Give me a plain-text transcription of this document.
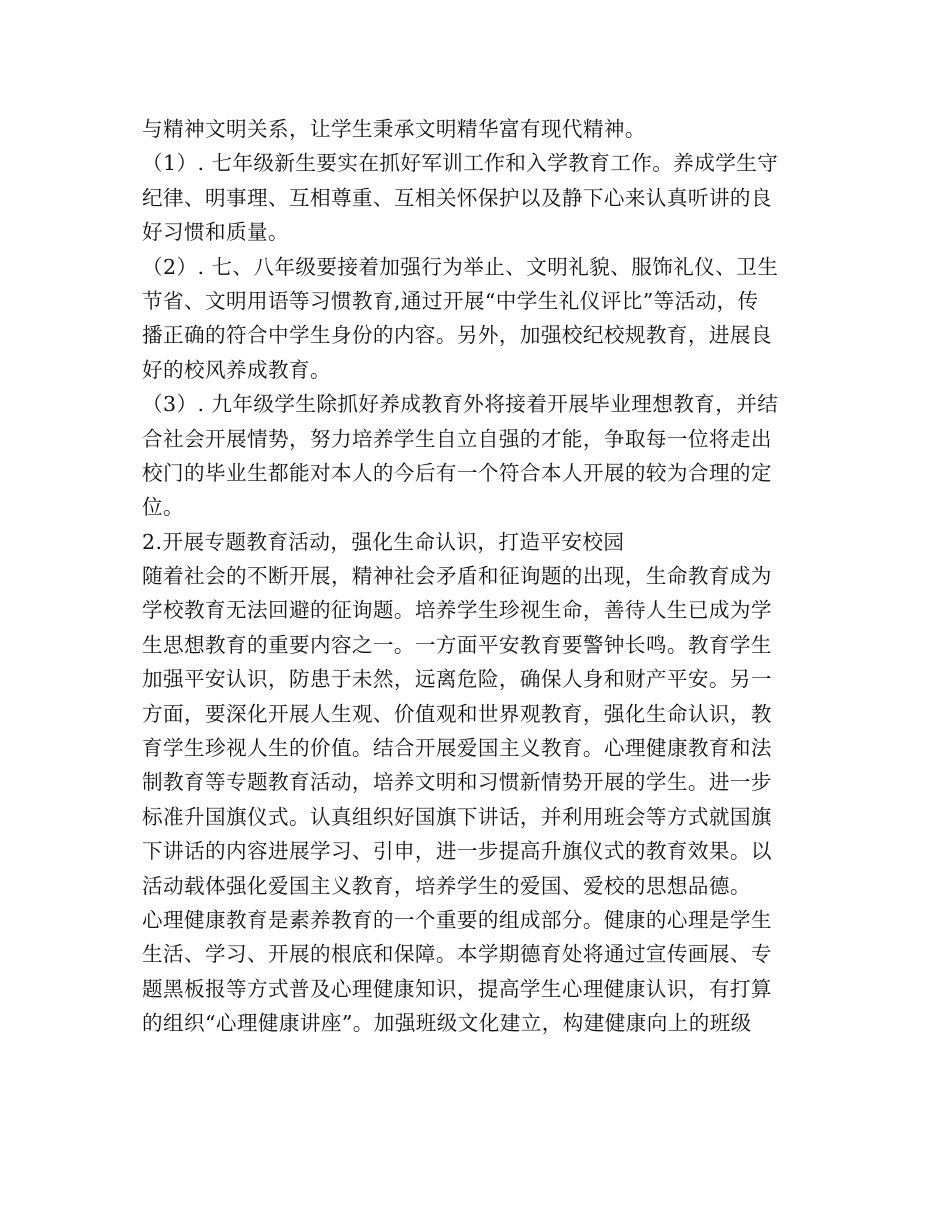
与精神文明关系，让学生秉承文明精华富有现代精神。
（1）. 七年级新生要实在抓好军训工作和入学教育工作。养成学生守
纪律、明事理、互相尊重、互相关怀保护以及静下心来认真听讲的良
好习惯和质量。
（2）. 七、八年级要接着加强行为举止、文明礼貌、服饰礼仪、卫生
节省、文明用语等习惯教育,通过开展“中学生礼仪评比”等活动，传
播正确的符合中学生身份的内容。另外，加强校纪校规教育，进展良
好的校风养成教育。
（3）. 九年级学生除抓好养成教育外将接着开展毕业理想教育，并结
合社会开展情势，努力培养学生自立自强的才能，争取每一位将走出
校门的毕业生都能对本人的今后有一个符合本人开展的较为合理的定
位。
2.开展专题教育活动，强化生命认识，打造平安校园
随着社会的不断开展，精神社会矛盾和征询题的出现，生命教育成为
学校教育无法回避的征询题。培养学生珍视生命，善待人生已成为学
生思想教育的重要内容之一。一方面平安教育要警钟长鸣。教育学生
加强平安认识，防患于未然，远离危险，确保人身和财产平安。另一
方面，要深化开展人生观、价值观和世界观教育，强化生命认识，教
育学生珍视人生的价值。结合开展爱国主义教育。心理健康教育和法
制教育等专题教育活动，培养文明和习惯新情势开展的学生。进一步
标准升国旗仪式。认真组织好国旗下讲话，并利用班会等方式就国旗
下讲话的内容进展学习、引申，进一步提高升旗仪式的教育效果。以
活动载体强化爱国主义教育，培养学生的爱国、爱校的思想品德。
心理健康教育是素养教育的一个重要的组成部分。健康的心理是学生
生活、学习、开展的根底和保障。本学期德育处将通过宣传画展、专
题黑板报等方式普及心理健康知识，提高学生心理健康认识，有打算
的组织“心理健康讲座”。加强班级文化建立，构建健康向上的班级
